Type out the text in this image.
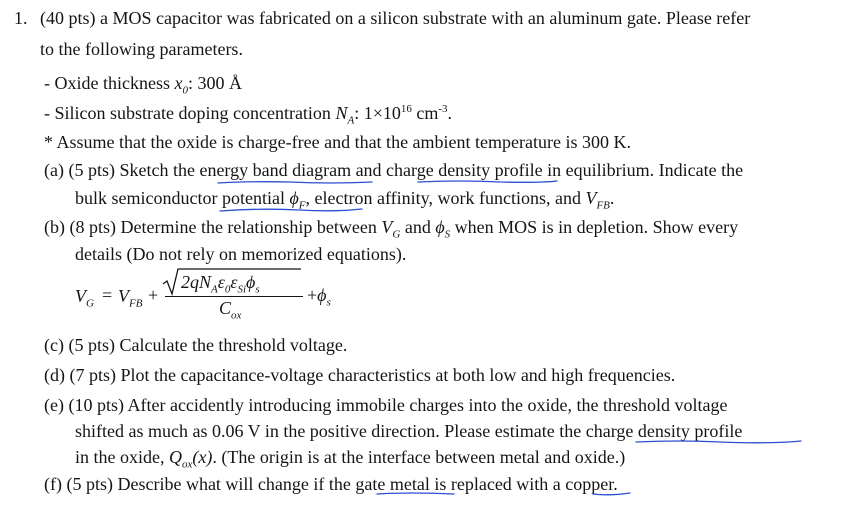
1. (40 pts) a MOS capacitor was fabricated on a silicon substrate with an aluminum gate. Please refer
to the following parameters.
- Oxide thickness $x_0$: 300 Å
- Silicon substrate doping concentration $N_A$: $1\times 10^{16}$ $cm^{-3}$.
* Assume that the oxide is charge-free and that the ambient temperature is 300 K.
(a) (5 pts) Sketch the energy band diagram and charge density profile in equilibrium. Indicate the
bulk semiconductor potential $\phi_F$, electron affinity, work functions, and $V_{FB}$.
(b) (8 pts) Determine the relationship between $V_G$ and $\phi_S$ when MOS is in depletion. Show every
details (Do not rely on memorized equations).
$V_G = V_{FB}$ +
$2qN_A\varepsilon_0\varepsilon_{Si}\phi_s$
$C_{ox}$
$+\phi_s$
(c) (5 pts) Calculate the threshold voltage.
(d) (7 pts) Plot the capacitance-voltage characteristics at both low and high frequencies.
(e) (10 pts) After accidently introducing immobile charges into the oxide, the threshold voltage
shifted as much as 0.06 V in the positive direction. Please estimate the charge density profile
in the oxide, $Q_{ox}(x)$. (The origin is at the interface between metal and oxide.)
(f) (5 pts) Describe what will change if the gate metal is replaced with a copper.
